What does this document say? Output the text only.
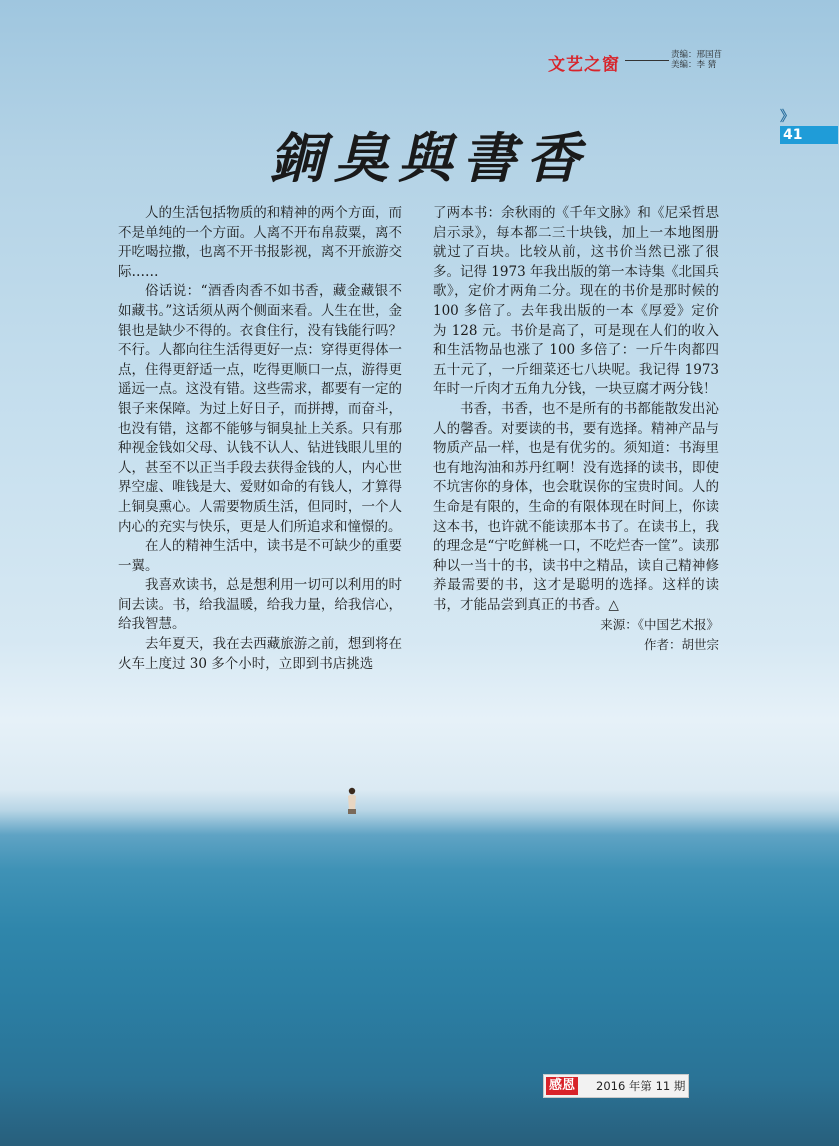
文艺之窗	责编：邢国苜
美编：李 猜
》41
銅臭與書香

人的生活包括物质的和精神的两个方面，而不是单纯的一个方面。人离不开布帛菽粟，离不开吃喝拉撒，也离不开书报影视，离不开旅游交际……

俗话说：“酒香肉香不如书香，藏金藏银不如藏书。”这话须从两个侧面来看。人生在世，金银也是缺少不得的。衣食住行，没有钱能行吗？不行。人都向往生活得更好一点：穿得更得体一点，住得更舒适一点，吃得更顺口一点，游得更遥远一点。这没有错。这些需求，都要有一定的银子来保障。为过上好日子，而拼搏，而奋斗，也没有错，这都不能够与铜臭扯上关系。只有那种视金钱如父母、认钱不认人、钻进钱眼儿里的人，甚至不以正当手段去获得金钱的人，内心世界空虚、唯钱是大、爱财如命的有钱人，才算得上铜臭熏心。人需要物质生活，但同时，一个人内心的充实与快乐，更是人们所追求和憧憬的。

在人的精神生活中，读书是不可缺少的重要一翼。

我喜欢读书，总是想利用一切可以利用的时间去读。书，给我温暖，给我力量，给我信心，给我智慧。

去年夏天，我在去西藏旅游之前，想到将在火车上度过 30 多个小时，立即到书店挑选

了两本书：余秋雨的《千年文脉》和《尼采哲思启示录》，每本都二三十块钱，加上一本地图册就过了百块。比较从前，这书价当然已涨了很多。记得 1973 年我出版的第一本诗集《北国兵歌》，定价才两角二分。现在的书价是那时候的 100 多倍了。去年我出版的一本《厚爱》定价为 128 元。书价是高了，可是现在人们的收入和生活物品也涨了 100 多倍了：一斤牛肉都四五十元了，一斤细菜还七八块呢。我记得 1973 年时一斤肉才五角九分钱，一块豆腐才两分钱！

书香，书香，也不是所有的书都能散发出沁人的馨香。对要读的书，要有选择。精神产品与物质产品一样，也是有优劣的。须知道：书海里也有地沟油和苏丹红啊！没有选择的读书，即使不坑害你的身体，也会耽误你的宝贵时间。人的生命是有限的，生命的有限体现在时间上，你读这本书，也许就不能读那本书了。在读书上，我的理念是“宁吃鲜桃一口，不吃烂杏一筐”。读那种以一当十的书，读书中之精品，读自己精神修养最需要的书，这才是聪明的选择。这样的读书，才能品尝到真正的书香。△

来源：《中国艺术报》

作者：胡世宗

感恩 2016 年第 11 期
